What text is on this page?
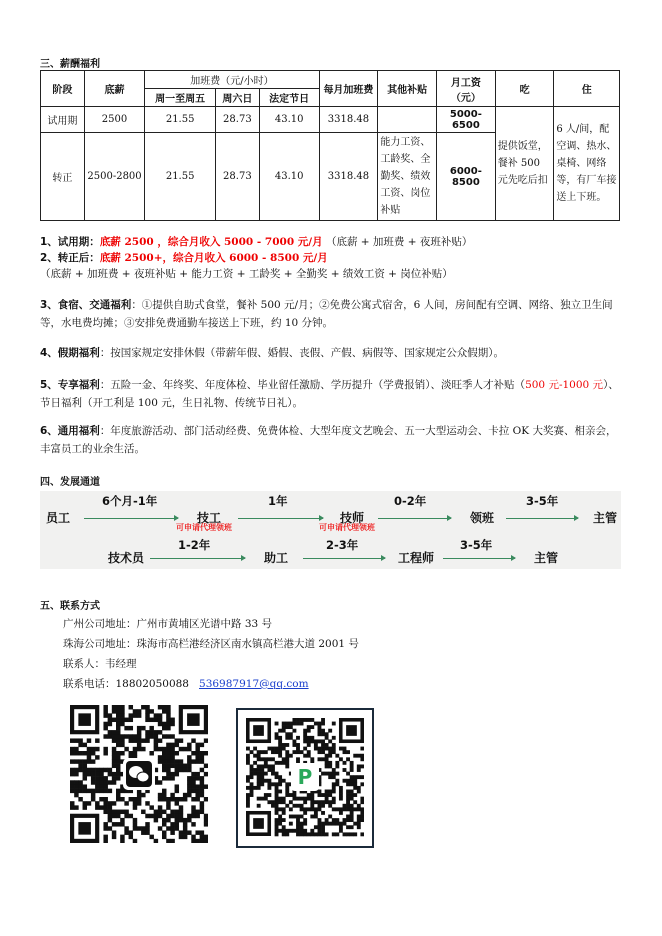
三、薪酬福利
阶段	底薪	加班费（元/小时）			每月加班费	其他补贴	月工资（元）	吃	住
		周一至周五	周六日	法定节日					
试用期	2500	21.55	28.73	43.10	3318.48		5000-6500	提供饭堂，餐补 500 元先吃后扣	6 人/间，配空调、热水、桌椅、网络等，有厂车接送上下班。
转正	2500-2800	21.55	28.73	43.10	3318.48	能力工资、工龄奖、全勤奖、绩效工资、岗位补贴	6000-8500		
1、试用期：底薪 2500 ，综合月收入 5000 - 7000 元/月 （底薪 + 加班费 + 夜班补贴）
2、转正后：底薪 2500+，综合月收入 6000 - 8500 元/月
（底薪 + 加班费 + 夜班补贴 + 能力工资 + 工龄奖 + 全勤奖 + 绩效工资 + 岗位补贴）
3、食宿、交通福利：①提供自助式食堂，餐补 500 元/月；②免费公寓式宿舍，6 人间，房间配有空调、网络、独立卫生间等，水电费均摊；③安排免费通勤车接送上下班，约 10 分钟。
4、假期福利：按国家规定安排休假（带薪年假、婚假、丧假、产假、病假等、国家规定公众假期）。
5、专享福利：五险一金、年终奖、年度体检、毕业留任激励、学历提升（学费报销）、淡旺季人才补贴（500 元-1000 元）、节日福利（开工利是 100 元，生日礼物、传统节日礼）。
6、通用福利：年度旅游活动、部门活动经费、免费体检、大型年度文艺晚会、五一大型运动会、卡拉 OK 大奖赛、相亲会，丰富员工的业余生活。
四、发展通道
员工	技工	技师	领班	主管
6个月-1年	1年	0-2年	3-5年
可申请代理领班	可申请代理领班
技术员	助工	工程师	主管
1-2年	2-3年	3-5年
五、联系方式
广州公司地址：广州市黄埔区光谱中路 33 号
珠海公司地址：珠海市高栏港经济区南水镇高栏港大道 2001 号
联系人：韦经理
联系电话：18802050088 536987917@qq.com
P
